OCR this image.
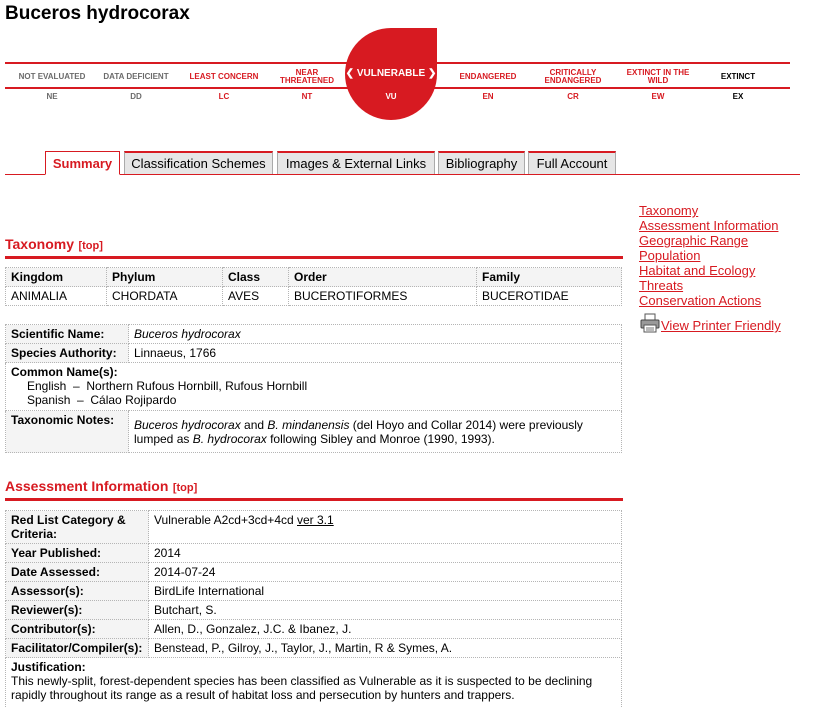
Buceros hydrocorax
NOT EVALUATED
NE
DATA DEFICIENT
DD
LEAST CONCERN
LC
NEAR THREATENED
NT
❮ VULNERABLE ❯
VU
ENDANGERED
EN
CRITICALLY ENDANGERED
CR
EXTINCT IN THE WILD
EW
EXTINCT
EX
Summary	Classification Schemes	Images & External Links	Bibliography	Full Account
Taxonomy
Assessment Information
Geographic Range
Population
Habitat and Ecology
Threats
Conservation Actions
View Printer Friendly
Taxonomy [top]
Kingdom	Phylum	Class	Order	Family
ANIMALIA	CHORDATA	AVES	BUCEROTIFORMES	BUCEROTIDAE
Scientific Name:	Buceros hydrocorax
Species Authority:	Linnaeus, 1766

Common Name(s):
English  –  Northern Rufous Hornbill, Rufous Hornbill
Spanish  –  Cálao Rojipardo	

Taxonomic Notes:	Buceros hydrocorax and B. mindanensis (del Hoyo and Collar 2014) were previously lumped as B. hydrocorax following Sibley and Monroe (1990, 1993).
Assessment Information [top]
Red List Category & Criteria:	Vulnerable A2cd+3cd+4cd ver 3.1
Year Published:	2014
Date Assessed:	2014-07-24
Assessor(s):	BirdLife International
Reviewer(s):	Butchart, S.
Contributor(s):	Allen, D., Gonzalez, J.C. & Ibanez, J.
Facilitator/Compiler(s):	Benstead, P., Gilroy, J., Taylor, J., Martin, R & Symes, A.

Justification:
This newly-split, forest-dependent species has been classified as Vulnerable as it is suspected to be declining rapidly throughout its range as a result of habitat loss and persecution by hunters and trappers.	
